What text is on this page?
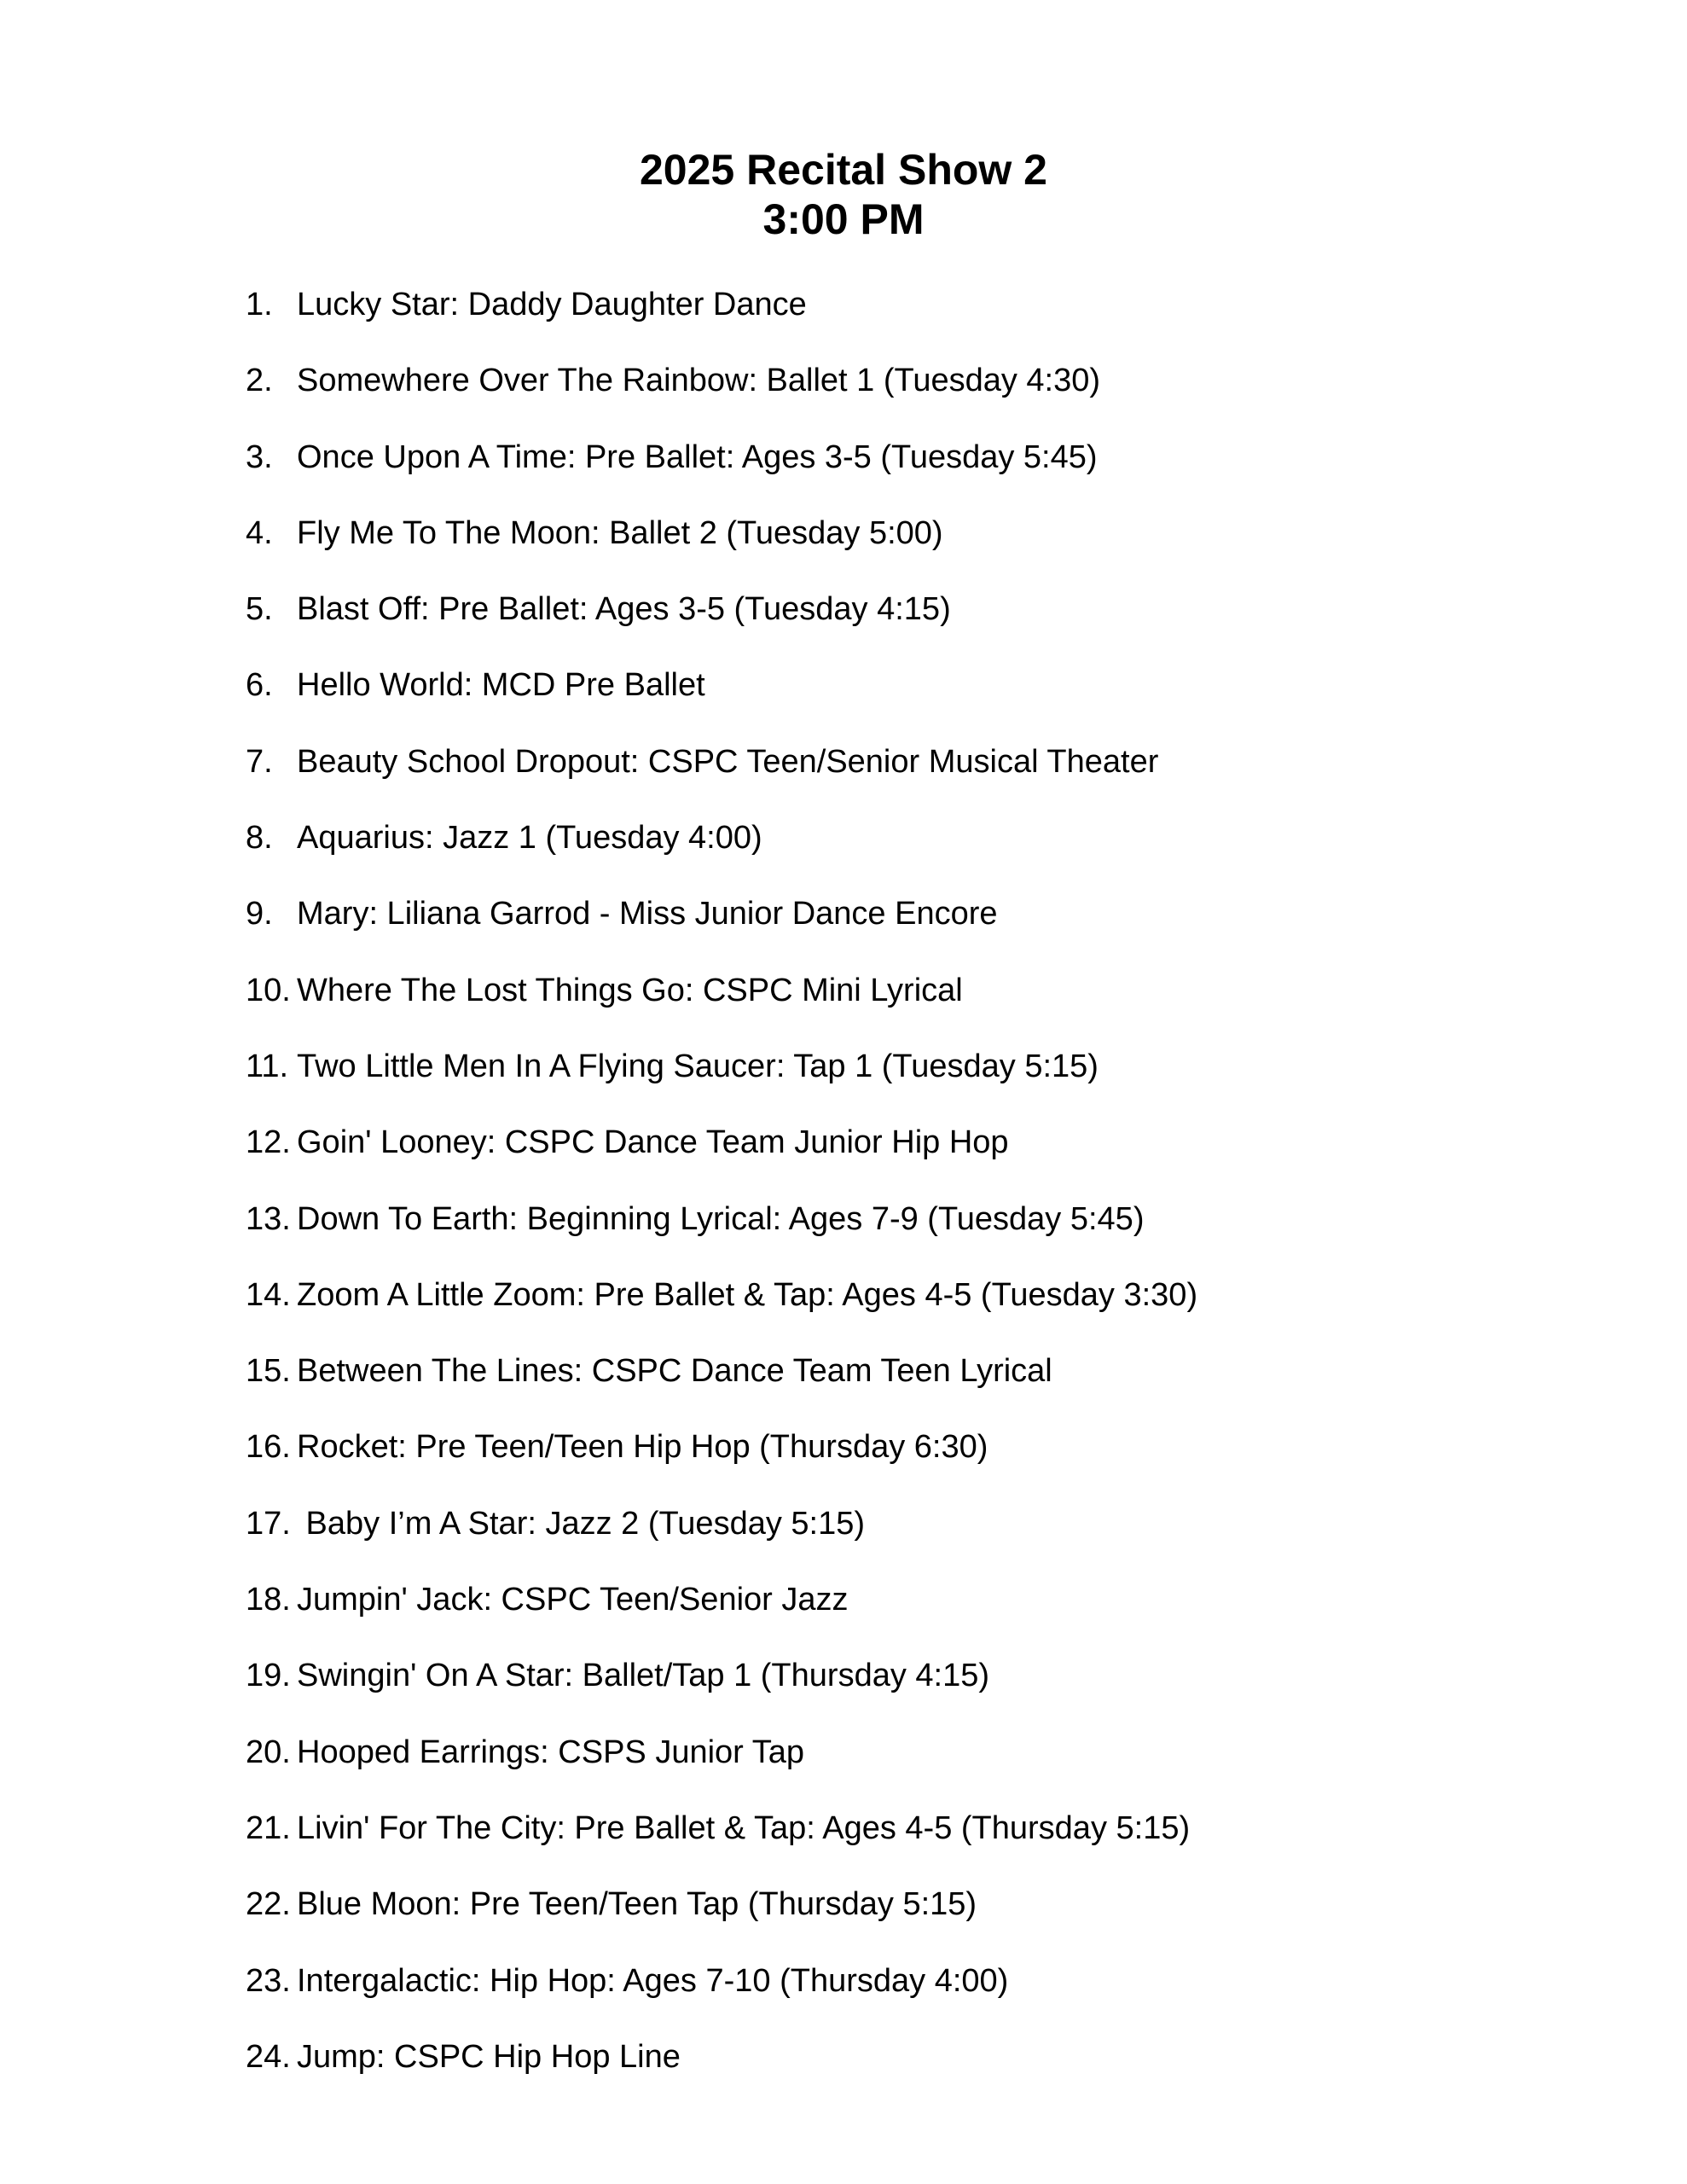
2025 Recital Show 2

3:00 PM

1. Lucky Star: Daddy Daughter Dance
2. Somewhere Over The Rainbow: Ballet 1 (Tuesday 4:30)
3. Once Upon A Time: Pre Ballet: Ages 3-5 (Tuesday 5:45)
4. Fly Me To The Moon: Ballet 2 (Tuesday 5:00)
5. Blast Off: Pre Ballet: Ages 3-5 (Tuesday 4:15)
6. Hello World: MCD Pre Ballet
7. Beauty School Dropout: CSPC Teen/Senior Musical Theater
8. Aquarius: Jazz 1 (Tuesday 4:00)
9. Mary: Liliana Garrod - Miss Junior Dance Encore
10. Where The Lost Things Go: CSPC Mini Lyrical
11. Two Little Men In A Flying Saucer: Tap 1 (Tuesday 5:15)
12. Goin' Looney: CSPC Dance Team Junior Hip Hop
13. Down To Earth: Beginning Lyrical: Ages 7-9 (Tuesday 5:45)
14. Zoom A Little Zoom: Pre Ballet & Tap: Ages 4-5 (Tuesday 3:30)
15. Between The Lines: CSPC Dance Team Teen Lyrical
16. Rocket: Pre Teen/Teen Hip Hop (Thursday 6:30)
17. Baby I’m A Star: Jazz 2 (Tuesday 5:15)
18. Jumpin' Jack: CSPC Teen/Senior Jazz
19. Swingin' On A Star: Ballet/Tap 1 (Thursday 4:15)
20. Hooped Earrings: CSPS Junior Tap
21. Livin' For The City: Pre Ballet & Tap: Ages 4-5 (Thursday 5:15)
22. Blue Moon: Pre Teen/Teen Tap (Thursday 5:15)
23. Intergalactic: Hip Hop: Ages 7-10 (Thursday 4:00)
24. Jump: CSPC Hip Hop Line
